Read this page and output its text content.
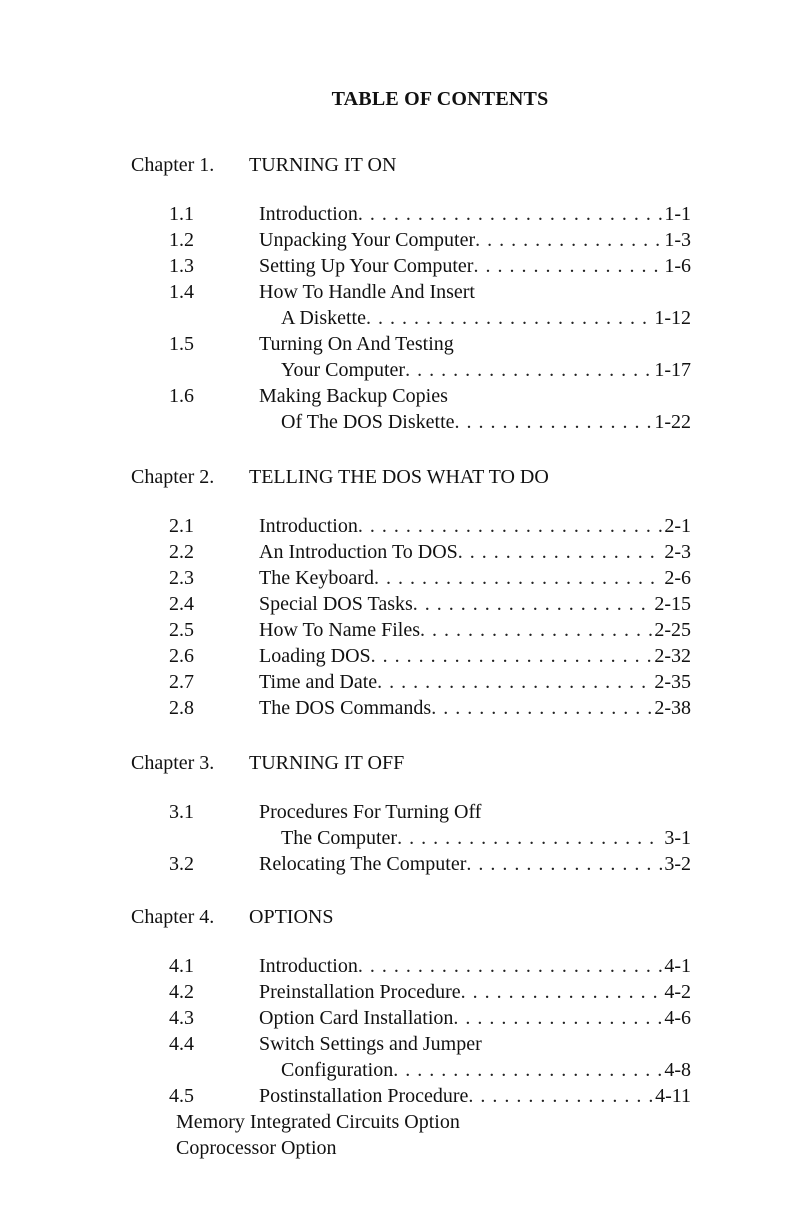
TABLE OF CONTENTS
Chapter 1. TURNING IT ON
1.1	Introduction . . .	1-1
1.2	Unpacking Your Computer . . .	1-3
1.3	Setting Up Your Computer . . .	1-6
1.4	How To Handle And Insert
A Diskette . . .	1-12
1.5	Turning On And Testing
Your Computer . . .	1-17
1.6	Making Backup Copies
Of The DOS Diskette . . .	1-22
Chapter 2. TELLING THE DOS WHAT TO DO
2.1	Introduction . . .	2-1
2.2	An Introduction To DOS . . .	2-3
2.3	The Keyboard . . .	2-6
2.4	Special DOS Tasks . . .	2-15
2.5	How To Name Files . . .	2-25
2.6	Loading DOS . . .	2-32
2.7	Time and Date . . .	2-35
2.8	The DOS Commands . . .	2-38
Chapter 3. TURNING IT OFF
3.1	Procedures For Turning Off
The Computer . . .	3-1
3.2	Relocating The Computer . . .	3-2
Chapter 4. OPTIONS
4.1	Introduction . . .	4-1
4.2	Preinstallation Procedure . . .	4-2
4.3	Option Card Installation . . .	4-6
4.4	Switch Settings and Jumper
Configuration . . .	4-8
4.5	Postinstallation Procedure . . .	4-11
Memory Integrated Circuits Option
Coprocessor Option
